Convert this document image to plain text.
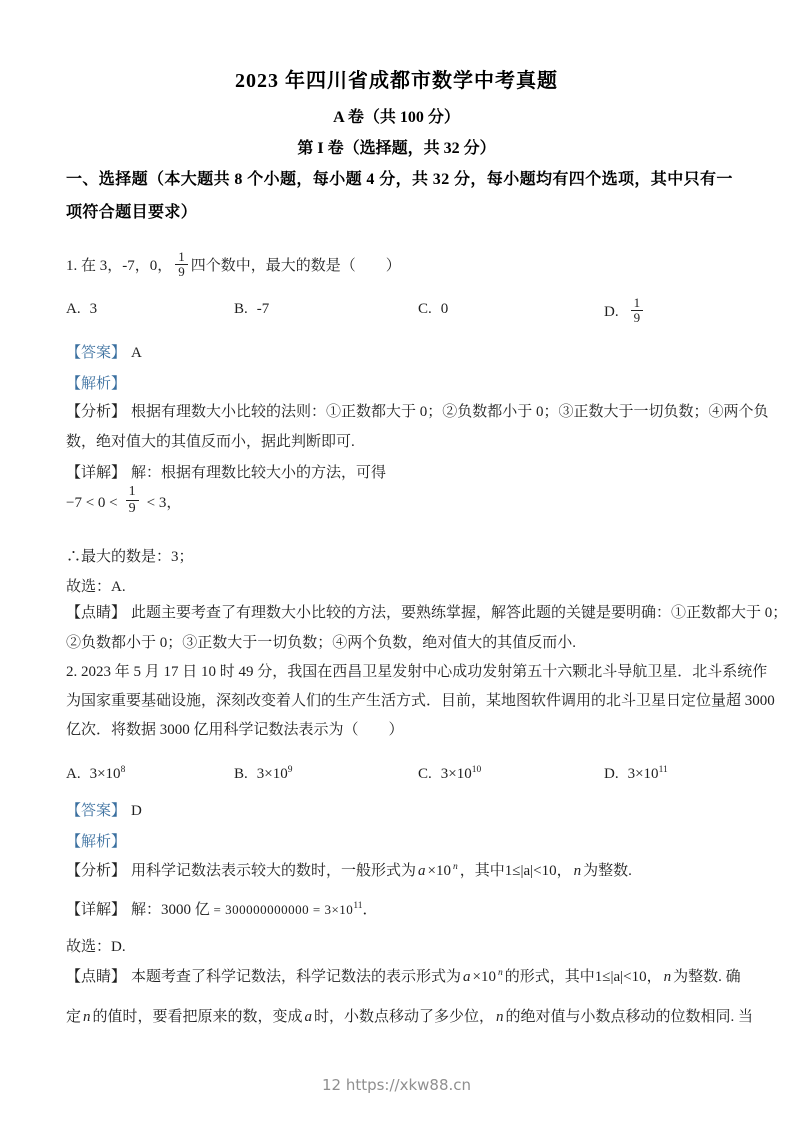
2023 年四川省成都市数学中考真题
A 卷（共 100 分）
第 I 卷（选择题，共 32 分）
一、选择题（本大题共 8 个小题，每小题 4 分，共 32 分，每小题均有四个选项，其中只有一
项符合题目要求）
1. 在 3，-7，0， $\frac{1}{9}$ 四个数中，最大的数是（　　）
A. 3	B. -7	C. 0	D. $\frac{1}{9}$
【答案】 A
【解析】
【分析】 根据有理数大小比较的法则：①正数都大于 0；②负数都小于 0；③正数大于一切负数；④两个负
数，绝对值大的其值反而小，据此判断即可.
【详解】 解：根据有理数比较大小的方法，可得
$-7 < 0 < \frac{1}{9} < 3$，
∴最大的数是：3；
故选：A.
【点睛】 此题主要考查了有理数大小比较的方法，要熟练掌握，解答此题的关键是要明确：①正数都大于 0；
②负数都小于 0；③正数大于一切负数；④两个负数，绝对值大的其值反而小.
2. 2023 年 5 月 17 日 10 时 49 分，我国在西昌卫星发射中心成功发射第五十六颗北斗导航卫星．北斗系统作
为国家重要基础设施，深刻改变着人们的生产生活方式．目前，某地图软件调用的北斗卫星日定位量超 3000
亿次．将数据 3000 亿用科学记数法表示为（　　）
A. $3\times 10^8$	B. $3\times 10^9$	C. $3\times 10^{10}$	D. $3\times 10^{11}$
【答案】 D
【解析】
【分析】 用科学记数法表示较大的数时，一般形式为 a ×10 $^n$ ，其中1≤|a|<10， n 为整数.
【详解】 解：3000 亿 = $300000000000 = 3\times 10^{11}$．
故选：D.
【点睛】 本题考查了科学记数法，科学记数法的表示形式为 a ×10 $^n$ 的形式，其中1≤|a|<10， n 为整数. 确
定 n 的值时，要看把原来的数，变成 a 时，小数点移动了多少位， n 的绝对值与小数点移动的位数相同. 当
12 https://xkw88.cn
